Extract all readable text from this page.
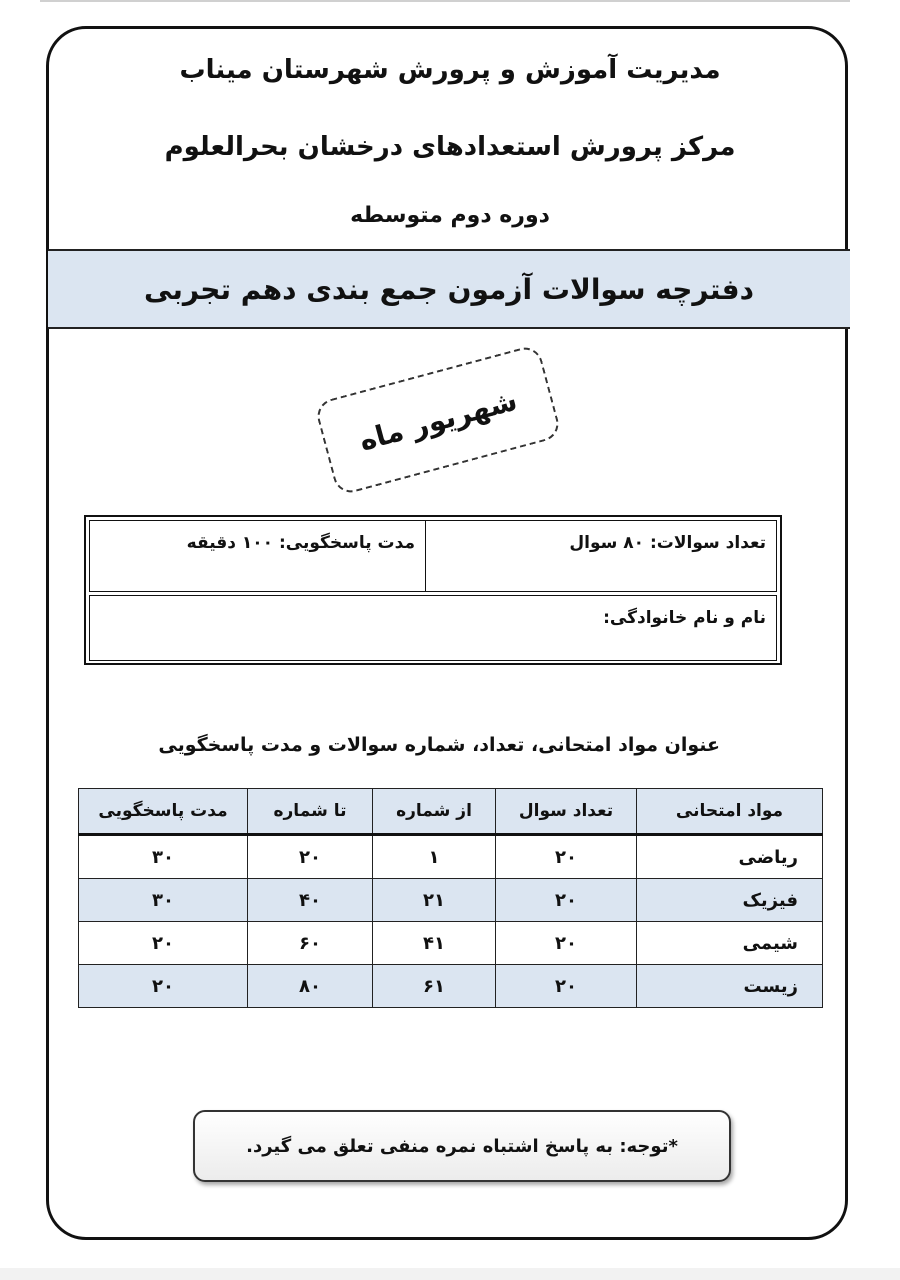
مدیریت آموزش و پرورش شهرستان میناب
مرکز پرورش استعدادهای درخشان بحرالعلوم
دوره دوم متوسطه
دفترچه سوالات آزمون جمع بندی دهم تجربی
شهریور ماه
تعداد سوالات: ۸۰ سوال
مدت پاسخگویی: ۱۰۰ دقیقه
نام و نام خانوادگی:
عنوان مواد امتحانی، تعداد، شماره سوالات و مدت پاسخگویی
مواد امتحانی	تعداد سوال	از شماره	تا شماره	مدت پاسخگویی
ریاضی	۲۰	۱	۲۰	۳۰
فیزیک	۲۰	۲۱	۴۰	۳۰
شیمی	۲۰	۴۱	۶۰	۲۰
زیست	۲۰	۶۱	۸۰	۲۰
*توجه: به پاسخ اشتباه نمره منفی تعلق می گیرد.
